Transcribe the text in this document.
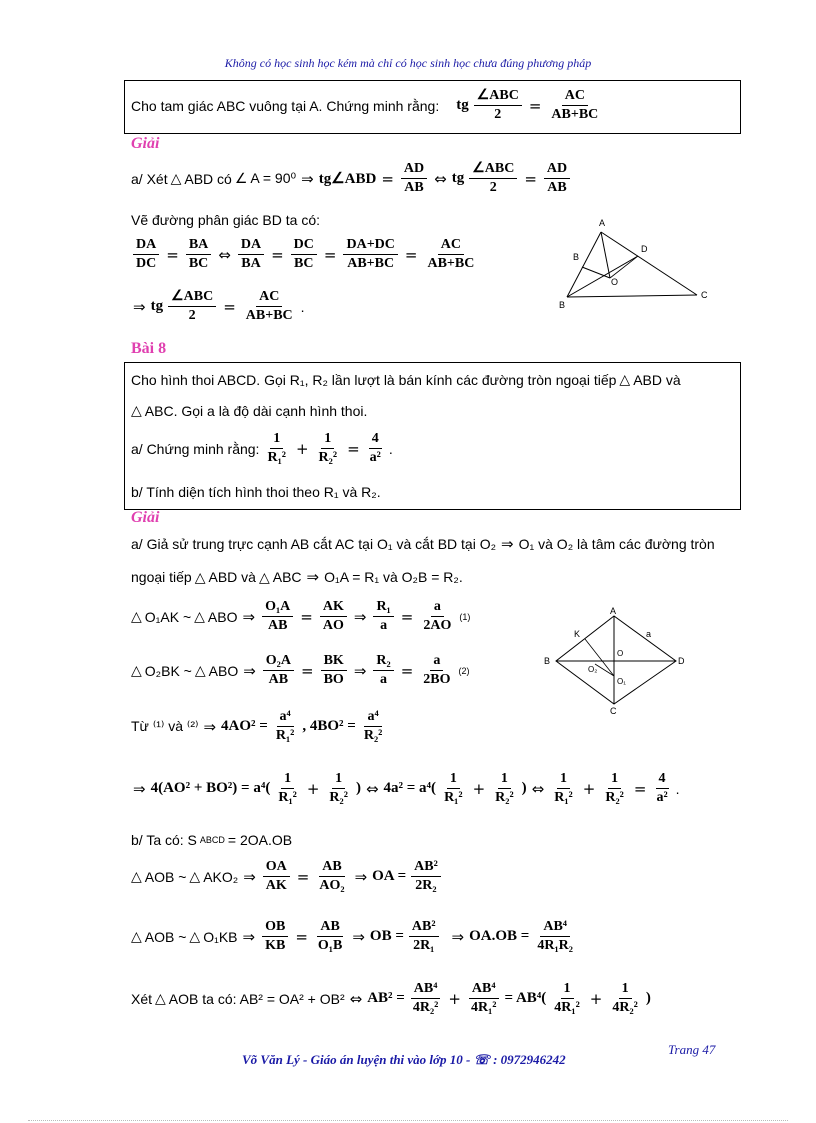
Không có học sinh học kém mà chỉ có học sinh học chưa đúng phương pháp
Cho tam giác ABC vuông tại A. Chứng minh rằng: tg $\frac{\text{∠ABC}}{2} = \frac{AC}{AB+BC}$
Giải
a/ Xét △ ABD có ∠ A = 90⁰ ⇒ tg∠ABD = $\frac{AD}{AB}$ ⇔ tg $\frac{\text{∠ABC}}{2} = \frac{AD}{AB}$
Vẽ đường phân giác BD ta có:
$\frac{DA}{DC} = \frac{BA}{BC}$ ⇔ $\frac{DA}{BA} = \frac{DC}{BC} = \frac{DA+DC}{AB+BC} = \frac{AC}{AB+BC}$
⇒ tg $\frac{\text{∠ABC}}{2} = \frac{AC}{AB+BC}$ .
A
B
B
D
O
C
Bài 8
Cho hình thoi ABCD. Gọi R₁, R₂ lần lượt là bán kính các đường tròn ngoại tiếp △ ABD và
△ ABC. Gọi a là độ dài cạnh hình thoi.
a/ Chứng minh rằng: $\frac{1}{\text{R₁²}} + \frac{1}{\text{R₂²}} = \frac{4}{\text{a²}}$ .
b/ Tính diện tích hình thoi theo R₁ và R₂.
Giải
a/ Giả sử trung trực cạnh AB cắt AC tại O₁ và cắt BD tại O₂ ⇒ O₁ và O₂ là tâm các đường tròn
ngoại tiếp △ ABD và △ ABC ⇒ O₁A = R₁ và O₂B = R₂.
△ O₁AK ~ △ ABO ⇒ $\frac{\text{O₁A}}{AB} = \frac{AK}{AO}$ ⇒ $\frac{\text{R₁}}{a} = \frac{a}{2AO} (1)$
△ O₂BK ~ △ ABO ⇒ $\frac{\text{O₂A}}{AB} = \frac{BK}{BO}$ ⇒ $\frac{\text{R₂}}{a} = \frac{a}{2BO} (2)$
A
K	a
B	D
O
O₂
O₁
C
Từ ⁽¹⁾ và ⁽²⁾ ⇒ $4AO^2 = \frac{\text{a⁴}}{\text{R₁²}}$ , $4BO^2 = \frac{\text{a⁴}}{\text{R₂²}}$
⇒ $4(AO^2 + BO^2) = a^4( \frac{1}{\text{R₁²}} + \frac{1}{\text{R₂²}}$ ) ⇔ $4a^2 = a^4( \frac{1}{\text{R₁²}} + \frac{1}{\text{R₂²}}$ ) ⇔ $\frac{1}{\text{R₁²}} + \frac{1}{\text{R₂²}} = \frac{4}{\text{a²}}$ .
b/ Ta có: S ABCD = 2OA.OB
△ AOB ~ △ AKO₂ ⇒ $\frac{OA}{AK} = \frac{AB}{\text{AO₂}}$ ⇒ OA = $\frac{\text{AB²}}{\text{2R₂}}$
△ AOB ~ △ O₁KB ⇒ $\frac{OB}{KB} = \frac{AB}{\text{O₁B}}$ ⇒ OB = $\frac{\text{AB²}}{\text{2R₁}}$ ⇒ $OA.OB = \frac{\text{AB⁴}}{\text{4R₁R₂}}$
Xét △ AOB ta có: AB² = OA² + OB² ⇔ $AB^2 = \frac{\text{AB⁴}}{\text{4R₂²}} + \frac{\text{AB⁴}}{\text{4R₁²}} = AB^4( \frac{1}{\text{4R₁²}} + \frac{1}{\text{4R₂²}}$ )
Trang 47
Võ Văn Lý - Giáo án luyện thi vào lớp 10 - ☏ : 0972946242
